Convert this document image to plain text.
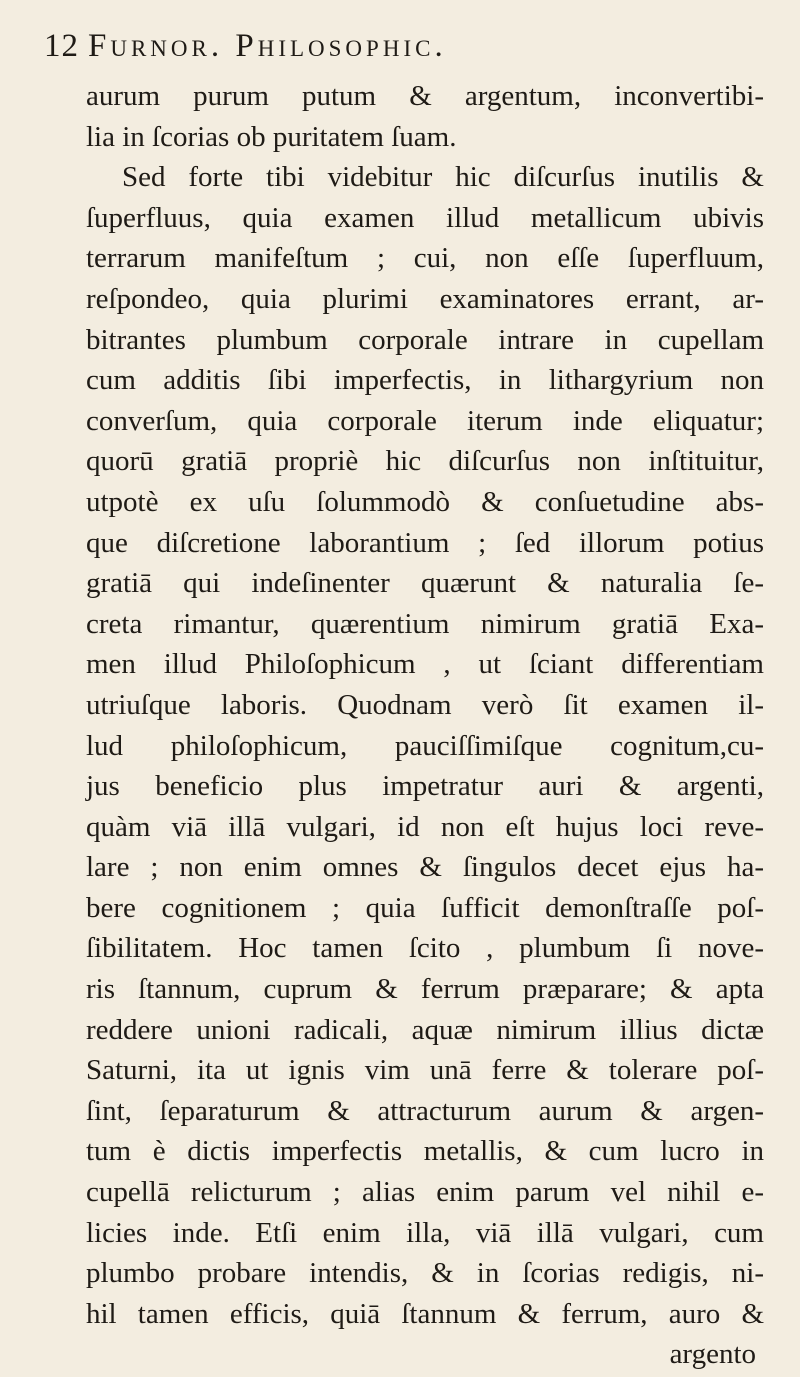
12 Furnor. Philosophic.
aurum purum putum & argentum, inconvertibi-
lia in ſcorias ob puritatem ſuam.
Sed forte tibi videbitur hic diſcurſus inutilis &
ſuperfluus, quia examen illud metallicum ubivis
terrarum manifeſtum ; cui, non eſſe ſuperfluum,
reſpondeo, quia plurimi examinatores errant, ar-
bitrantes plumbum corporale intrare in cupellam
cum additis ſibi imperfectis, in lithargyrium non
converſum, quia corporale iterum inde eliquatur;
quorū gratiā propriè hic diſcurſus non inſtituitur,
utpotè ex uſu ſolummodò & conſuetudine abs-
que diſcretione laborantium ; ſed illorum potius
gratiā qui indeſinenter quærunt & naturalia ſe-
creta rimantur, quærentium nimirum gratiā Exa-
men illud Philoſophicum , ut ſciant differentiam
utriuſque laboris. Quodnam verò ſit examen il-
lud philoſophicum, pauciſſimiſque cognitum,cu-
jus beneficio plus impetratur auri & argenti,
quàm viā illā vulgari, id non eſt hujus loci reve-
lare ; non enim omnes & ſingulos decet ejus ha-
bere cognitionem ; quia ſufficit demonſtraſſe poſ-
ſibilitatem. Hoc tamen ſcito , plumbum ſi nove-
ris ſtannum, cuprum & ferrum præparare; & apta
reddere unioni radicali, aquæ nimirum illius dictæ
Saturni, ita ut ignis vim unā ferre & tolerare poſ-
ſint, ſeparaturum & attracturum aurum & argen-
tum è dictis imperfectis metallis, & cum lucro in
cupellā relicturum ; alias enim parum vel nihil e-
licies inde. Etſi enim illa, viā illā vulgari, cum
plumbo probare intendis, & in ſcorias redigis, ni-
hil tamen efficis, quiā ſtannum & ferrum, auro &
argento
